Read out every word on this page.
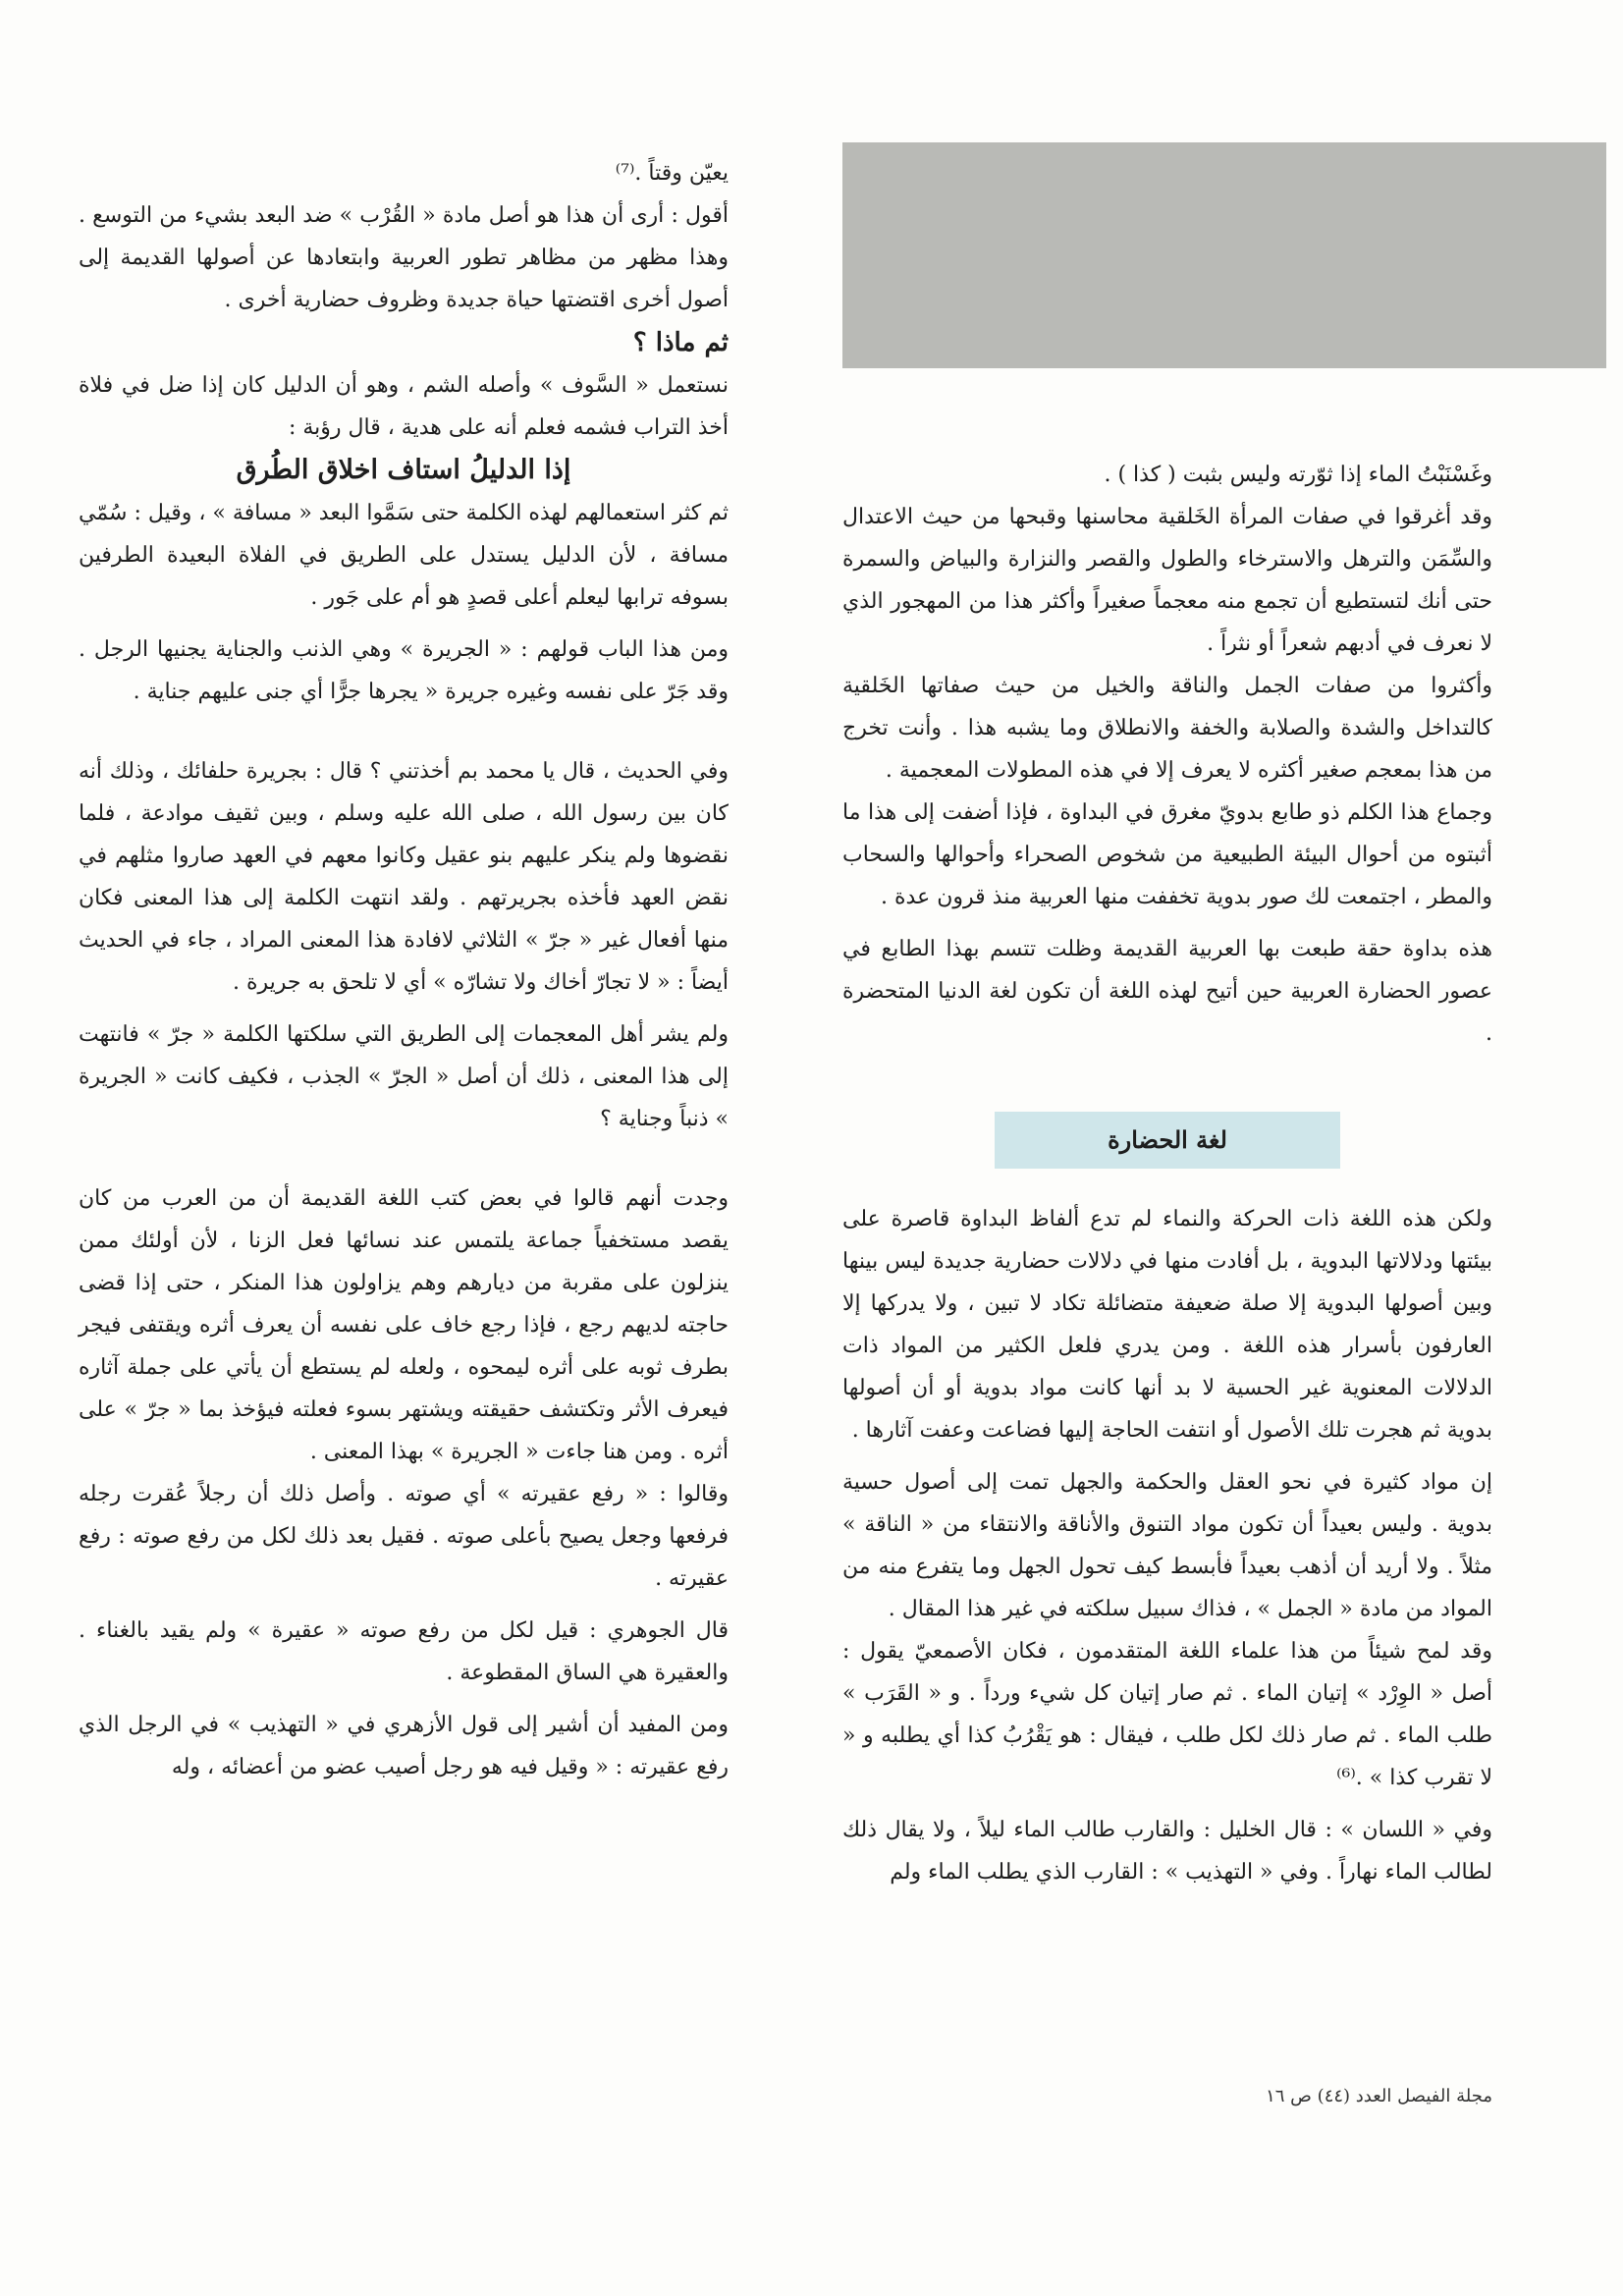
يعيّن وقتاً .⁽⁷⁾

أقول : أرى أن هذا هو أصل مادة « القُرْب » ضد البعد بشيء من التوسع . وهذا مظهر من مظاهر تطور العربية وابتعادها عن أصولها القديمة إلى أصول أخرى اقتضتها حياة جديدة وظروف حضارية أخرى .

ثم ماذا ؟

نستعمل « السَّوف » وأصله الشم ، وهو أن الدليل كان إذا ضل في فلاة أخذ التراب فشمه فعلم أنه على هدية ، قال رؤبة :

إذا الدليلُ استاف اخلاق الطُرق

ثم كثر استعمالهم لهذه الكلمة حتى سَمَّوا البعد « مسافة » ، وقيل : سُمّي مسافة ، لأن الدليل يستدل على الطريق في الفلاة البعيدة الطرفين بسوفه ترابها ليعلم أعلى قصدٍ هو أم على جَور .

ومن هذا الباب قولهم : « الجريرة » وهي الذنب والجناية يجنيها الرجل . وقد جَرّ على نفسه وغيره جريرة « يجرها جرًّا أي جنى عليهم جناية .

وفي الحديث ، قال يا محمد بم أخذتني ؟ قال : بجريرة حلفائك ، وذلك أنه كان بين رسول الله ، صلى الله عليه وسلم ، وبين ثقيف موادعة ، فلما نقضوها ولم ينكر عليهم بنو عقيل وكانوا معهم في العهد صاروا مثلهم في نقض العهد فأخذه بجريرتهم . ولقد انتهت الكلمة إلى هذا المعنى فكان منها أفعال غير « جرّ » الثلاثي لافادة هذا المعنى المراد ، جاء في الحديث أيضاً : « لا تجارّ أخاك ولا تشارّه » أي لا تلحق به جريرة .

ولم يشر أهل المعجمات إلى الطريق التي سلكتها الكلمة « جرّ » فانتهت إلى هذا المعنى ، ذلك أن أصل « الجرّ » الجذب ، فكيف كانت « الجريرة » ذنباً وجناية ؟

وجدت أنهم قالوا في بعض كتب اللغة القديمة أن من العرب من كان يقصد مستخفياً جماعة يلتمس عند نسائها فعل الزنا ، لأن أولئك ممن ينزلون على مقربة من ديارهم وهم يزاولون هذا المنكر ، حتى إذا قضى حاجته لديهم رجع ، فإذا رجع خاف على نفسه أن يعرف أثره ويقتفى فيجر بطرف ثوبه على أثره ليمحوه ، ولعله لم يستطع أن يأتي على جملة آثاره فيعرف الأثر وتكتشف حقيقته ويشتهر بسوء فعلته فيؤخذ بما « جرّ » على أثره . ومن هنا جاءت « الجريرة » بهذا المعنى .

وقالوا : « رفع عقيرته » أي صوته . وأصل ذلك أن رجلاً عُقرت رجله فرفعها وجعل يصيح بأعلى صوته . فقيل بعد ذلك لكل من رفع صوته : رفع عقيرته .

قال الجوهري : قيل لكل من رفع صوته « عقيرة » ولم يقيد بالغناء . والعقيرة هي الساق المقطوعة .

ومن المفيد أن أشير إلى قول الأزهري في « التهذيب » في الرجل الذي رفع عقيرته : « وقيل فيه هو رجل أصيب عضو من أعضائه ، وله

وغَسْنَبْتُ الماء إذا ثوّرته وليس بثبت ( كذا ) .

وقد أغرقوا في صفات المرأة الخَلقية محاسنها وقبحها من حيث الاعتدال والسِّمَن والترهل والاسترخاء والطول والقصر والنزارة والبياض والسمرة حتى أنك لتستطيع أن تجمع منه معجماً صغيراً وأكثر هذا من المهجور الذي لا نعرف في أدبهم شعراً أو نثراً .

وأكثروا من صفات الجمل والناقة والخيل من حيث صفاتها الخَلقية كالتداخل والشدة والصلابة والخفة والانطلاق وما يشبه هذا . وأنت تخرج من هذا بمعجم صغير أكثره لا يعرف إلا في هذه المطولات المعجمية .

وجماع هذا الكلم ذو طابع بدويّ مغرق في البداوة ، فإذا أضفت إلى هذا ما أثبتوه من أحوال البيئة الطبيعية من شخوص الصحراء وأحوالها والسحاب والمطر ، اجتمعت لك صور بدوية تخففت منها العربية منذ قرون عدة .

هذه بداوة حقة طبعت بها العربية القديمة وظلت تتسم بهذا الطابع في عصور الحضارة العربية حين أتيح لهذه اللغة أن تكون لغة الدنيا المتحضرة .

لغة الحضارة

ولكن هذه اللغة ذات الحركة والنماء لم تدع ألفاظ البداوة قاصرة على بيئتها ودلالاتها البدوية ، بل أفادت منها في دلالات حضارية جديدة ليس بينها وبين أصولها البدوية إلا صلة ضعيفة متضائلة تكاد لا تبين ، ولا يدركها إلا العارفون بأسرار هذه اللغة . ومن يدري فلعل الكثير من المواد ذات الدلالات المعنوية غير الحسية لا بد أنها كانت مواد بدوية أو أن أصولها بدوية ثم هجرت تلك الأصول أو انتفت الحاجة إليها فضاعت وعفت آثارها .

إن مواد كثيرة في نحو العقل والحكمة والجهل تمت إلى أصول حسية بدوية . وليس بعيداً أن تكون مواد التنوق والأناقة والانتقاء من « الناقة » مثلاً . ولا أريد أن أذهب بعيداً فأبسط كيف تحول الجهل وما يتفرع منه من المواد من مادة « الجمل » ، فذاك سبيل سلكته في غير هذا المقال .

وقد لمح شيئاً من هذا علماء اللغة المتقدمون ، فكان الأصمعيّ يقول : أصل « الوِرْد » إتيان الماء . ثم صار إتيان كل شيء ورداً . و « القَرَب » طلب الماء . ثم صار ذلك لكل طلب ، فيقال : هو يَقْرُبُ كذا أي يطلبه و « لا تقرب كذا » .⁽⁶⁾

وفي « اللسان » : قال الخليل : والقارب طالب الماء ليلاً ، ولا يقال ذلك لطالب الماء نهاراً . وفي « التهذيب » : القارب الذي يطلب الماء ولم

مجلة الفيصل العدد (٤٤) ص ١٦
